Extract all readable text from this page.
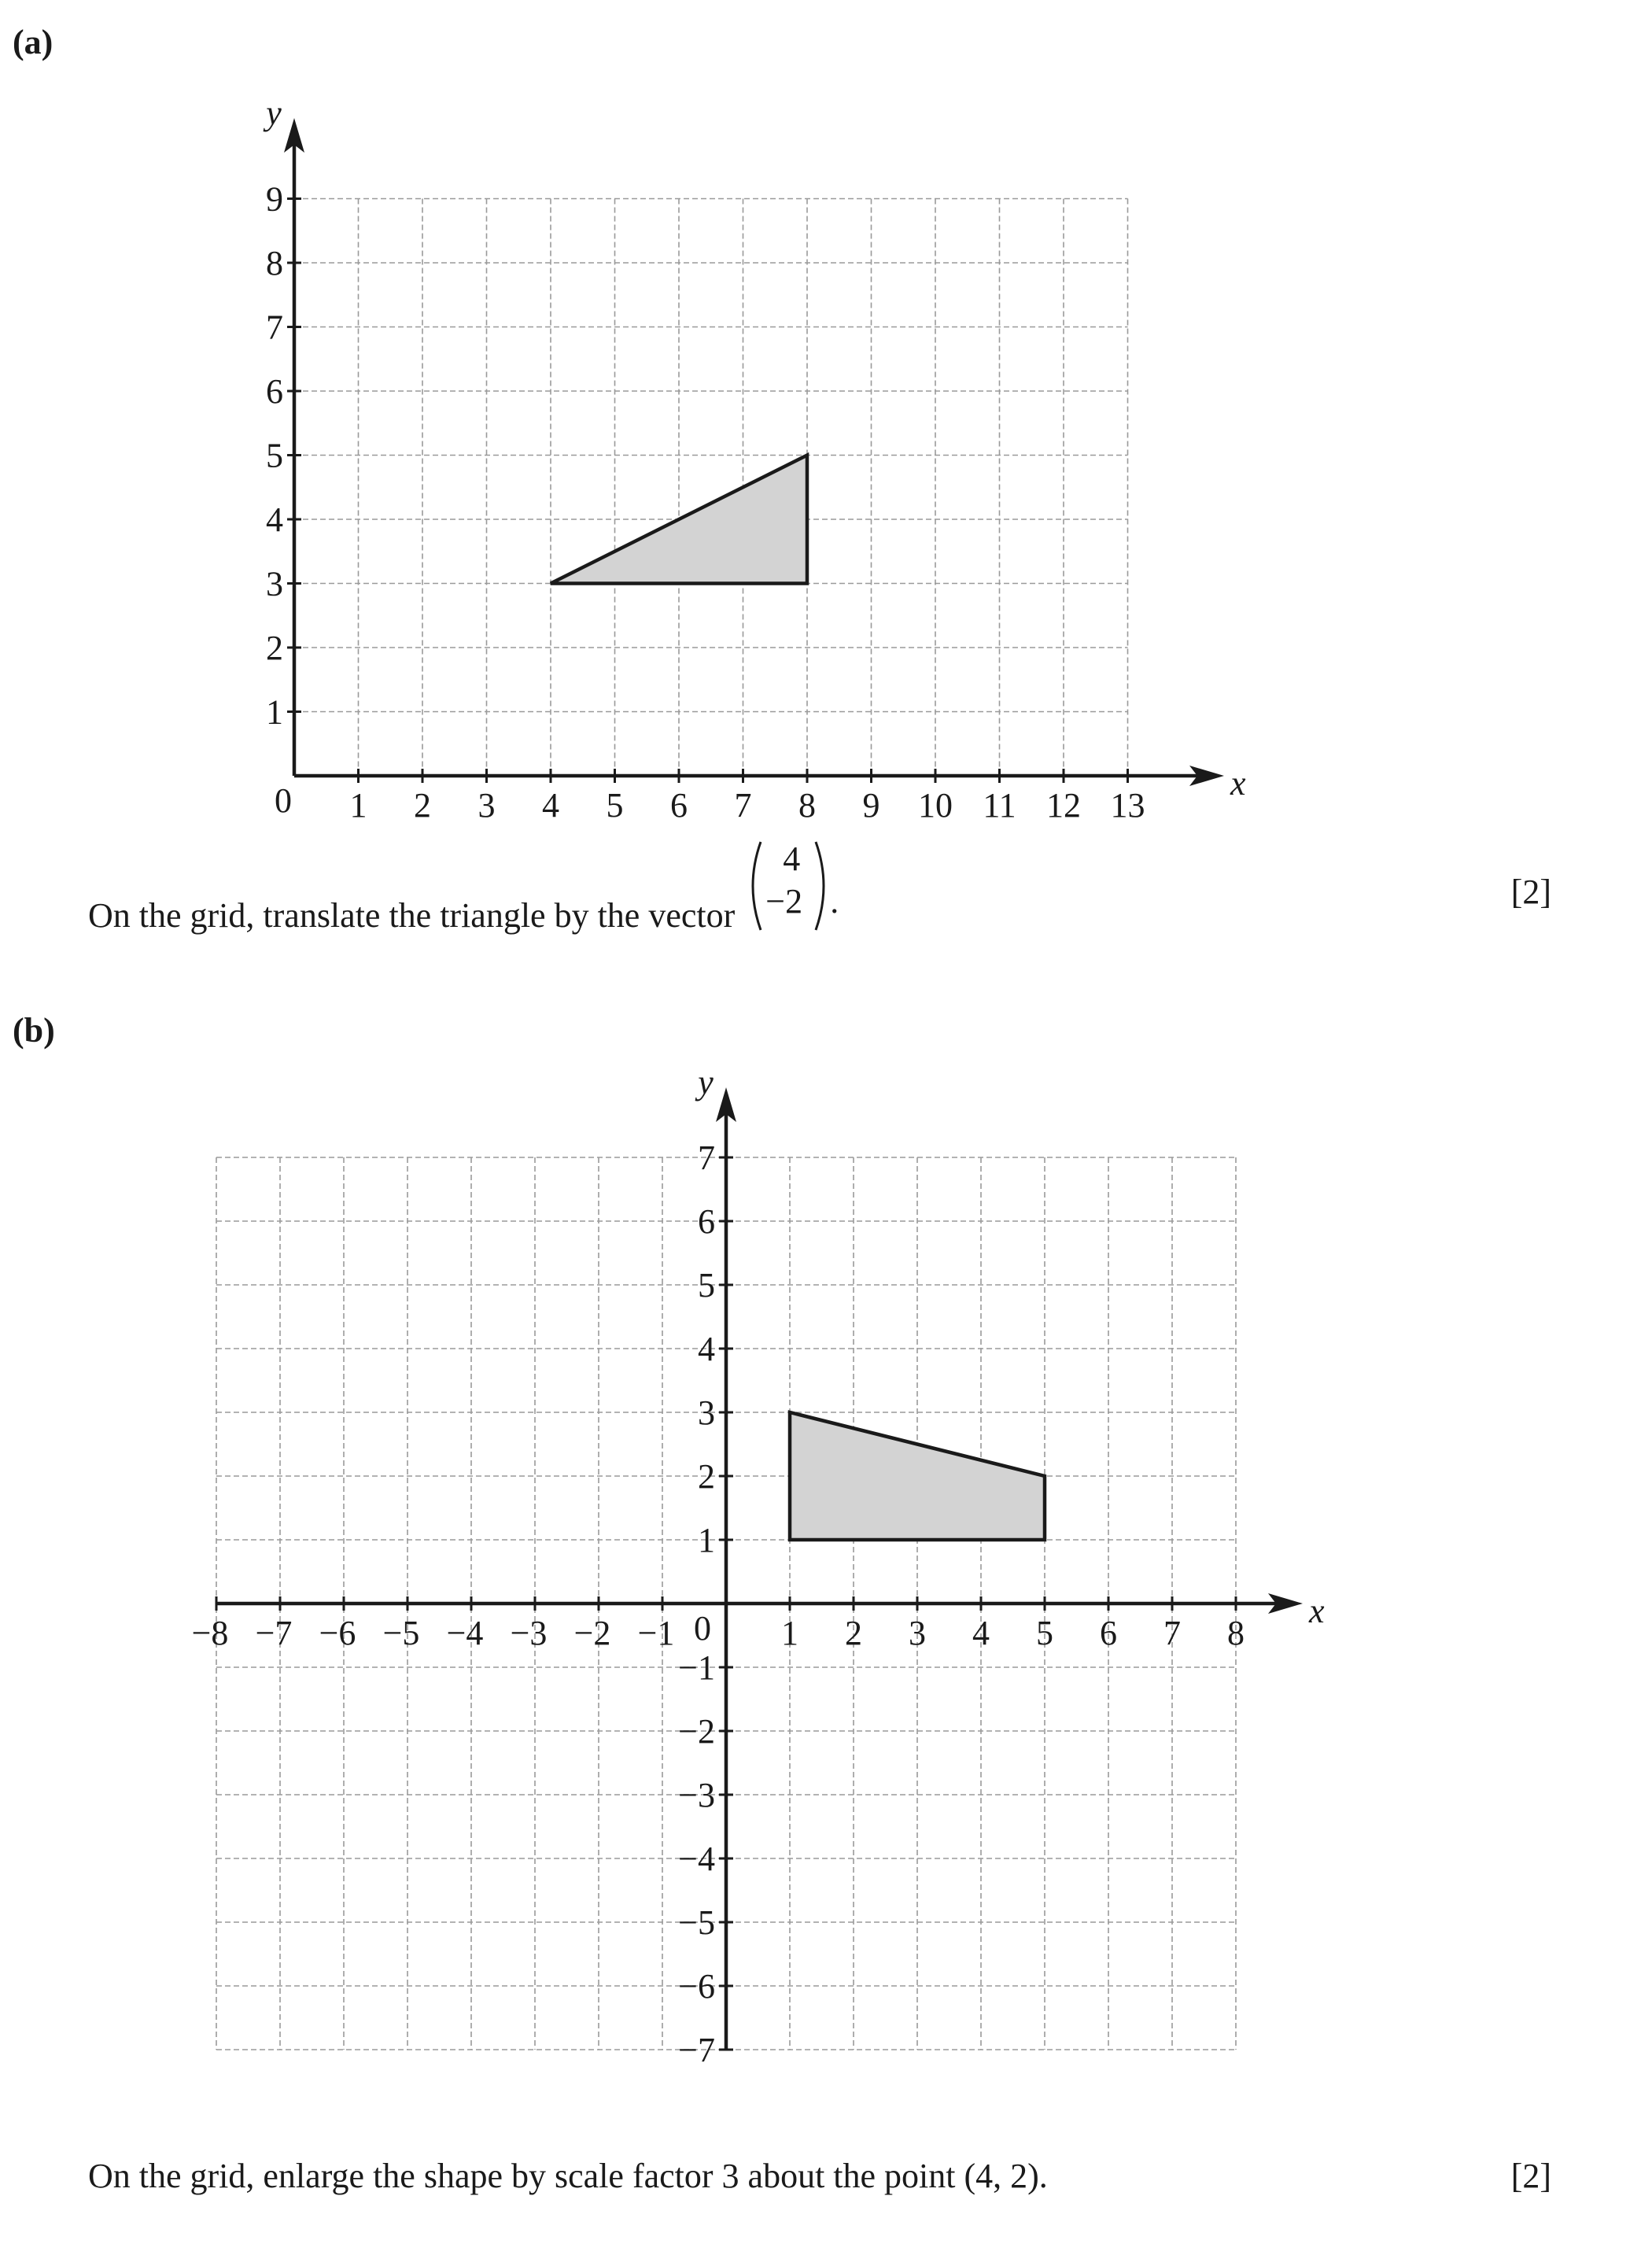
(a)
1 2 3 4 5 6 7 8 9 10 11 12 13
1
2
3
4
5
6
7
8
9
0	x
y
On the grid, translate the triangle by the vector
4
−2 .	[2]
(b)
−8 −7 −6 −5 −4 −3 −2 −1	1 2 3 4 5 6 7 8
−7
−6
−5
−4
−3
−2
−1
1
2
3
4
5
6
7
0	x
y
On the grid, enlarge the shape by scale factor 3 about the point (4, 2).	[2]
